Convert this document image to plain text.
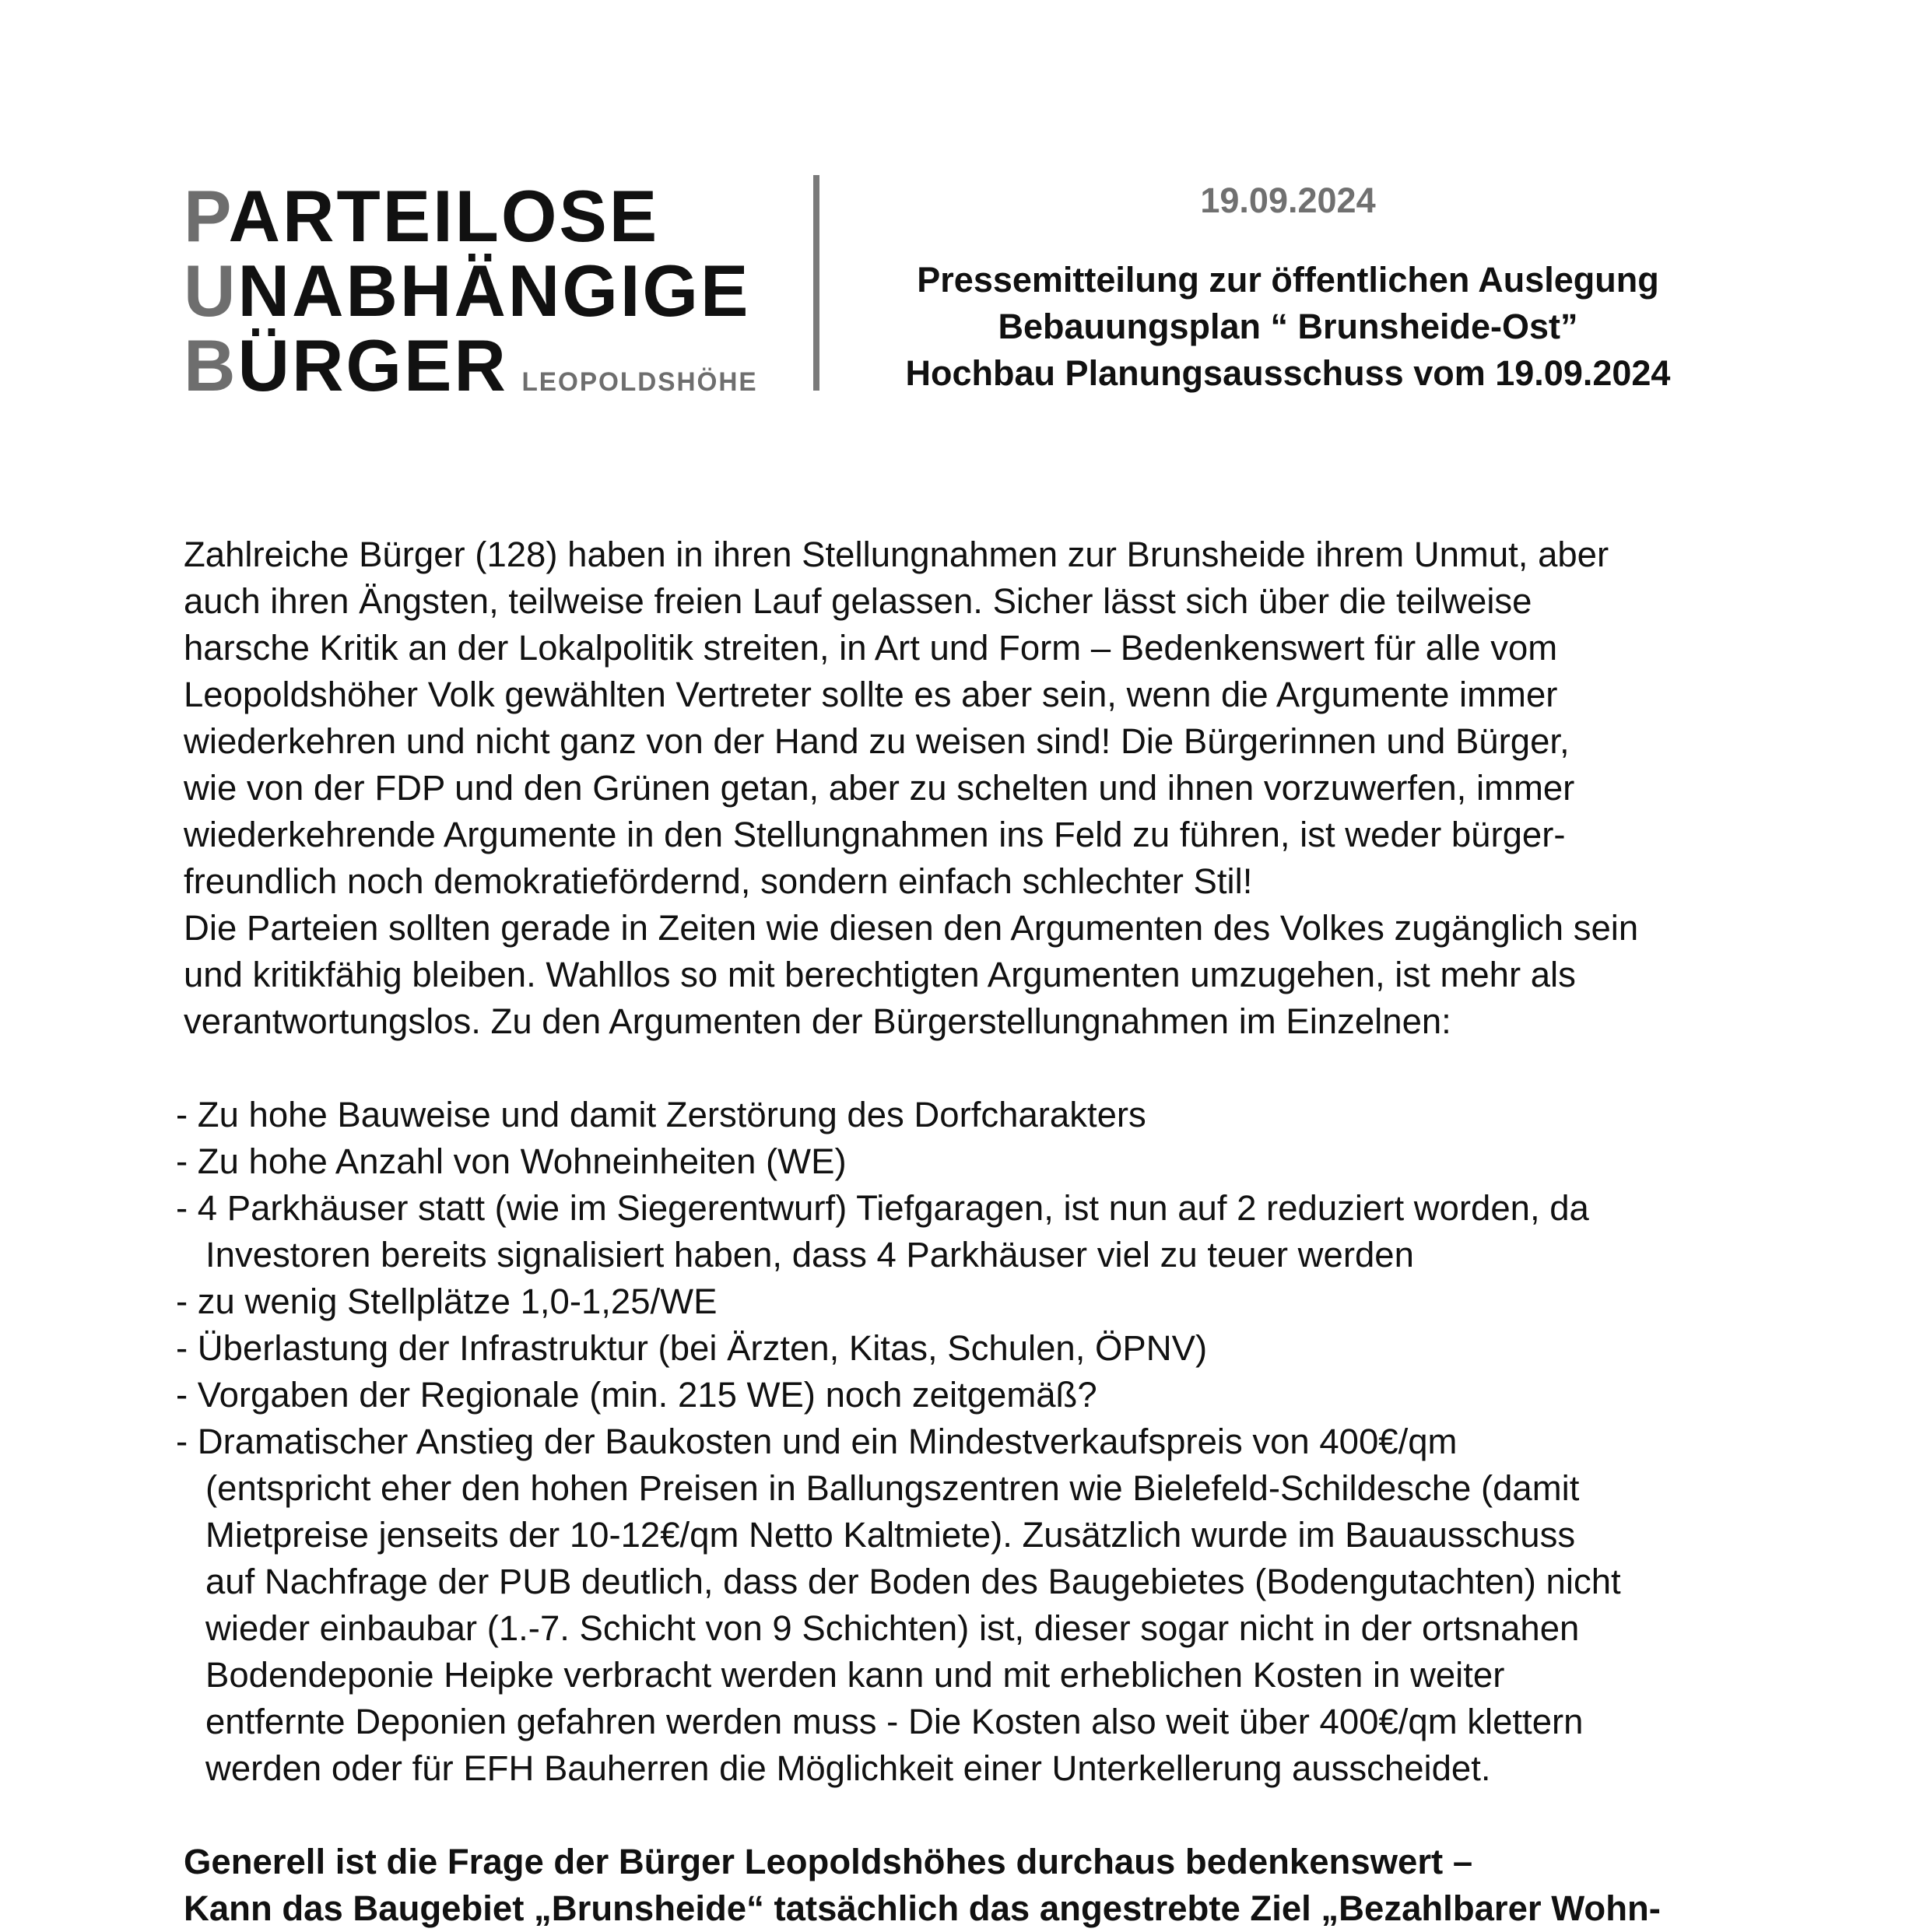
PARTEILOSE
UNABHÄNGIGE
BÜRGER LEOPOLDSHÖHE
19.09.2024
Pressemitteilung zur öffentlichen Auslegung
Bebauungsplan “ Brunsheide-Ost”
Hochbau Planungsausschuss vom 19.09.2024
Zahlreiche Bürger (128) haben in ihren Stellungnahmen zur Brunsheide ihrem Unmut, aber
auch ihren Ängsten, teilweise freien Lauf gelassen. Sicher lässt sich über die teilweise
harsche Kritik an der Lokalpolitik streiten, in Art und Form – Bedenkenswert für alle vom
Leopoldshöher Volk gewählten Vertreter sollte es aber sein, wenn die Argumente immer
wiederkehren und nicht ganz von der Hand zu weisen sind! Die Bürgerinnen und Bürger,
wie von der FDP und den Grünen getan, aber zu schelten und ihnen vorzuwerfen, immer
wiederkehrende Argumente in den Stellungnahmen ins Feld zu führen, ist weder bürger-
freundlich noch demokratiefördernd, sondern einfach schlechter Stil!
Die Parteien sollten gerade in Zeiten wie diesen den Argumenten des Volkes zugänglich sein
und kritikfähig bleiben. Wahllos so mit berechtigten Argumenten umzugehen, ist mehr als
verantwortungslos. Zu den Argumenten der Bürgerstellungnahmen im Einzelnen:
- Zu hohe Bauweise und damit Zerstörung des Dorfcharakters
- Zu hohe Anzahl von Wohneinheiten (WE)
- 4 Parkhäuser statt (wie im Siegerentwurf) Tiefgaragen, ist nun auf 2 reduziert worden, da
Investoren bereits signalisiert haben, dass 4 Parkhäuser viel zu teuer werden
- zu wenig Stellplätze 1,0-1,25/WE
- Überlastung der Infrastruktur (bei Ärzten, Kitas, Schulen, ÖPNV)
- Vorgaben der Regionale (min. 215 WE) noch zeitgemäß?
- Dramatischer Anstieg der Baukosten und ein Mindestverkaufspreis von 400€/qm
(entspricht eher den hohen Preisen in Ballungszentren wie Bielefeld-Schildesche (damit
Mietpreise jenseits der 10-12€/qm Netto Kaltmiete). Zusätzlich wurde im Bauausschuss
auf Nachfrage der PUB deutlich, dass der Boden des Baugebietes (Bodengutachten) nicht
wieder einbaubar (1.-7. Schicht von 9 Schichten) ist, dieser sogar nicht in der ortsnahen
Bodendeponie Heipke verbracht werden kann und mit erheblichen Kosten in weiter
entfernte Deponien gefahren werden muss - Die Kosten also weit über 400€/qm klettern
werden oder für EFH Bauherren die Möglichkeit einer Unterkellerung ausscheidet.
Generell ist die Frage der Bürger Leopoldshöhes durchaus bedenkenswert –
Kann das Baugebiet „Brunsheide“ tatsächlich das angestrebte Ziel „Bezahlbarer Wohn-
